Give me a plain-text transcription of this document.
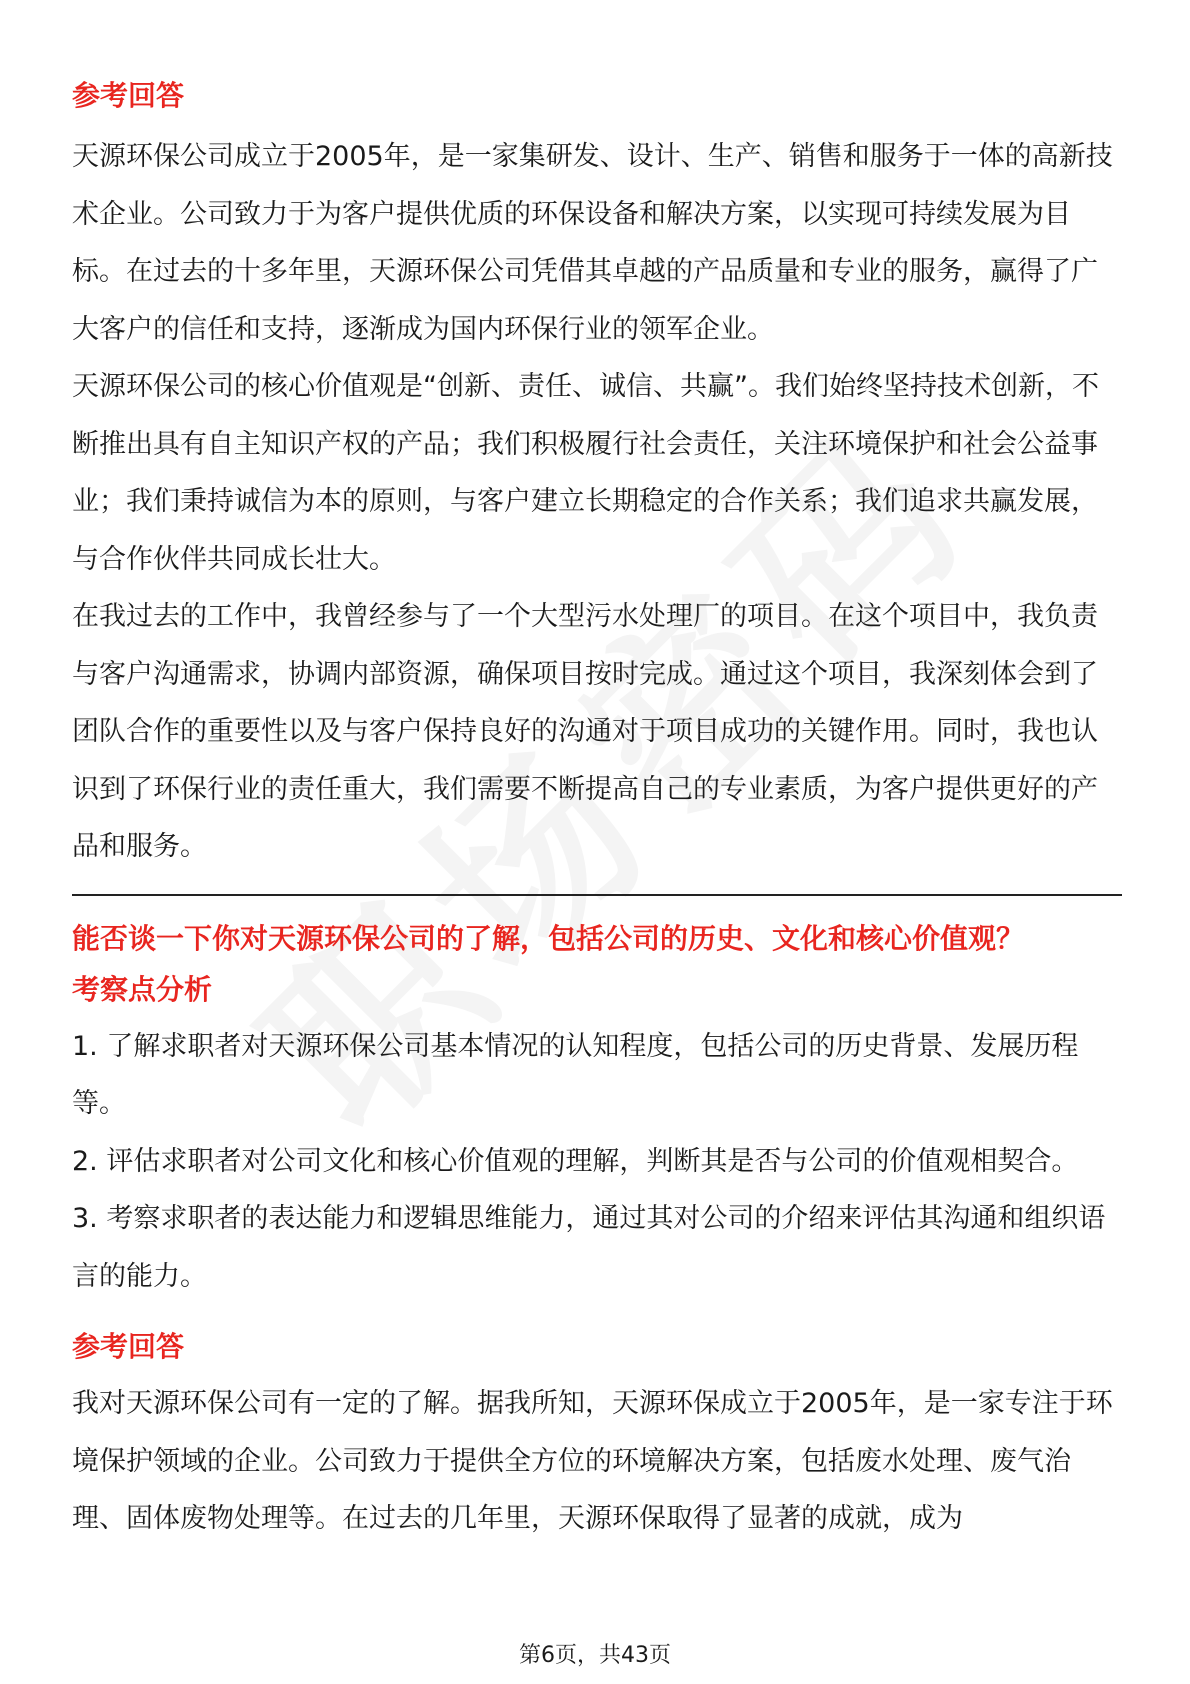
参考回答

天源环保公司成立于2005年，是一家集研发、设计、生产、销售和服务于一体的高新技术企业。公司致力于为客户提供优质的环保设备和解决方案，以实现可持续发展为目标。在过去的十多年里，天源环保公司凭借其卓越的产品质量和专业的服务，赢得了广大客户的信任和支持，逐渐成为国内环保行业的领军企业。

天源环保公司的核心价值观是“创新、责任、诚信、共赢”。我们始终坚持技术创新，不断推出具有自主知识产权的产品；我们积极履行社会责任，关注环境保护和社会公益事业；我们秉持诚信为本的原则，与客户建立长期稳定的合作关系；我们追求共赢发展，与合作伙伴共同成长壮大。

在我过去的工作中，我曾经参与了一个大型污水处理厂的项目。在这个项目中，我负责与客户沟通需求，协调内部资源，确保项目按时完成。通过这个项目，我深刻体会到了团队合作的重要性以及与客户保持良好的沟通对于项目成功的关键作用。同时，我也认识到了环保行业的责任重大，我们需要不断提高自己的专业素质，为客户提供更好的产品和服务。

能否谈一下你对天源环保公司的了解，包括公司的历史、文化和核心价值观？
考察点分析

1. 了解求职者对天源环保公司基本情况的认知程度，包括公司的历史背景、发展历程等。

2. 评估求职者对公司文化和核心价值观的理解，判断其是否与公司的价值观相契合。

3. 考察求职者的表达能力和逻辑思维能力，通过其对公司的介绍来评估其沟通和组织语言的能力。

参考回答

我对天源环保公司有一定的了解。据我所知，天源环保成立于2005年，是一家专注于环境保护领域的企业。公司致力于提供全方位的环境解决方案，包括废水处理、废气治理、固体废物处理等。在过去的几年里，天源环保取得了显著的成就，成为

第6页，共43页
